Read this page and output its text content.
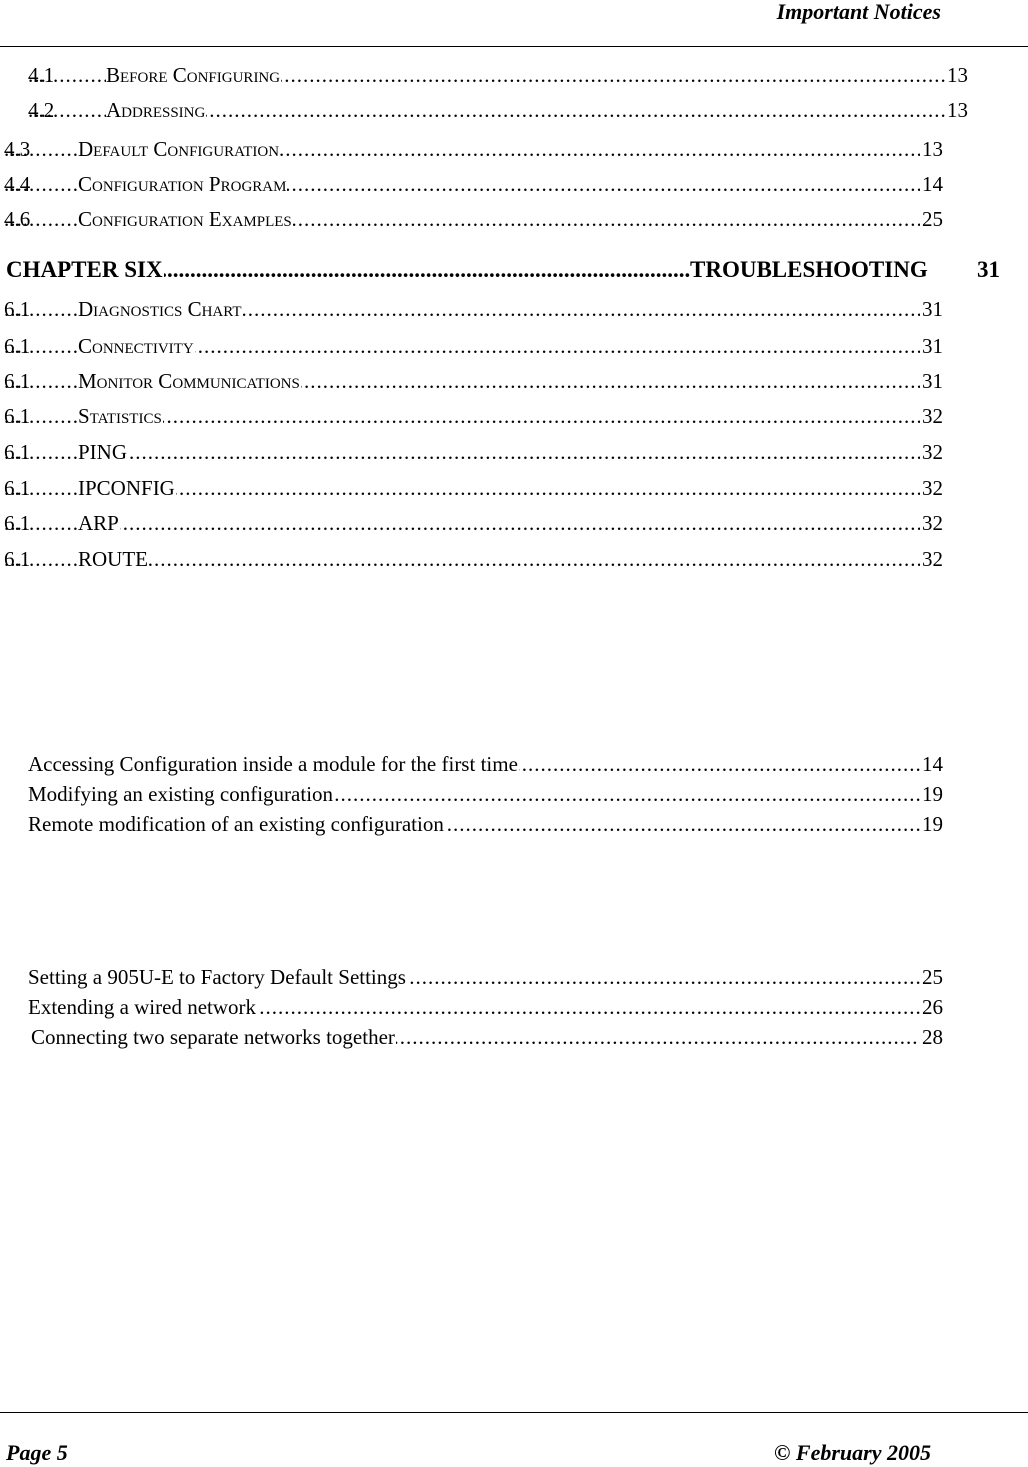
Important Notices
.....
4.1 Before Configuring	13
.....
4.2 Addressing	13
.....
4.3 Default Configuration	13
.....
4.4 Configuration Program	14
.....
4.6 Configuration Examples	25
.....
CHAPTER SIX	TROUBLESHOOTING 31
.....
6.1 Diagnostics Chart	31
.....
6.1 Connectivity	31
.....
6.1 Monitor Communications	31
.....
6.1 Statistics	32
.....
6.1 PING	32
.....
6.1 IPCONFIG	32
.....
6.1 ARP	32
.....
6.1 ROUTE	32
.....
Accessing Configuration inside a module for the first time	14
.....
Modifying an existing configuration	19
.....
Remote modification of an existing configuration	19
.....
Setting a 905U-E to Factory Default Settings	25
.....
Extending a wired network	26
.....
Connecting two separate networks together	28
Page 5	© February 2005
